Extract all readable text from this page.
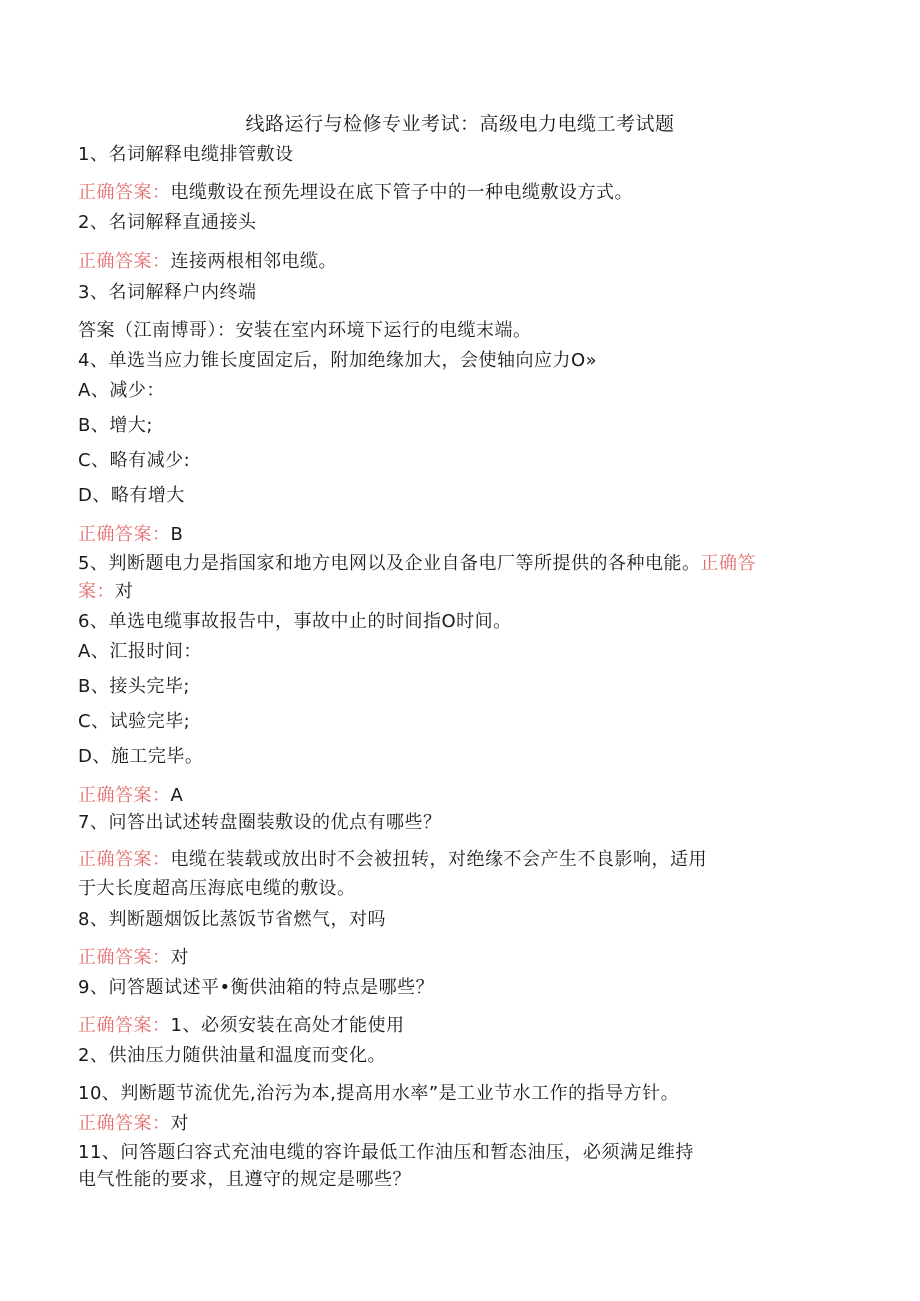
线路运行与检修专业考试：高级电力电缆工考试题
1、名词解释电缆排管敷设
正确答案：电缆敷设在预先埋设在底下管子中的一种电缆敷设方式。
2、名词解释直通接头
正确答案：连接两根相邻电缆。
3、名词解释户内终端
答案（江南博哥）：安装在室内环境下运行的电缆末端。
4、单选当应力锥长度固定后，附加绝缘加大，会使轴向应力O»
A、减少：
B、增大;
C、略有减少:
D、略有增大
正确答案：B
5、判断题电力是指国家和地方电网以及企业自备电厂等所提供的各种电能。正确答
案：对
6、单选电缆事故报告中，事故中止的时间指O时间。
A、汇报时间：
B、接头完毕;
C、试验完毕;
D、施工完毕。
正确答案：A
7、问答出试述转盘圈装敷设的优点有哪些？
正确答案：电缆在装载或放出时不会被扭转，对绝缘不会产生不良影响，适用
于大长度超高压海底电缆的敷设。
8、判断题烟饭比蒸饭节省燃气，对吗
正确答案：对
9、问答题试述平•衡供油箱的特点是哪些？
正确答案：1、必须安装在高处才能使用
2、供油压力随供油量和温度而变化。
10、判断题节流优先,治污为本,提高用水率”是工业节水工作的指导方针。
正确答案：对
11、问答题臼容式充油电缆的容许最低工作油压和暂态油压，必须满足维持
电气性能的要求，且遵守的规定是哪些？
